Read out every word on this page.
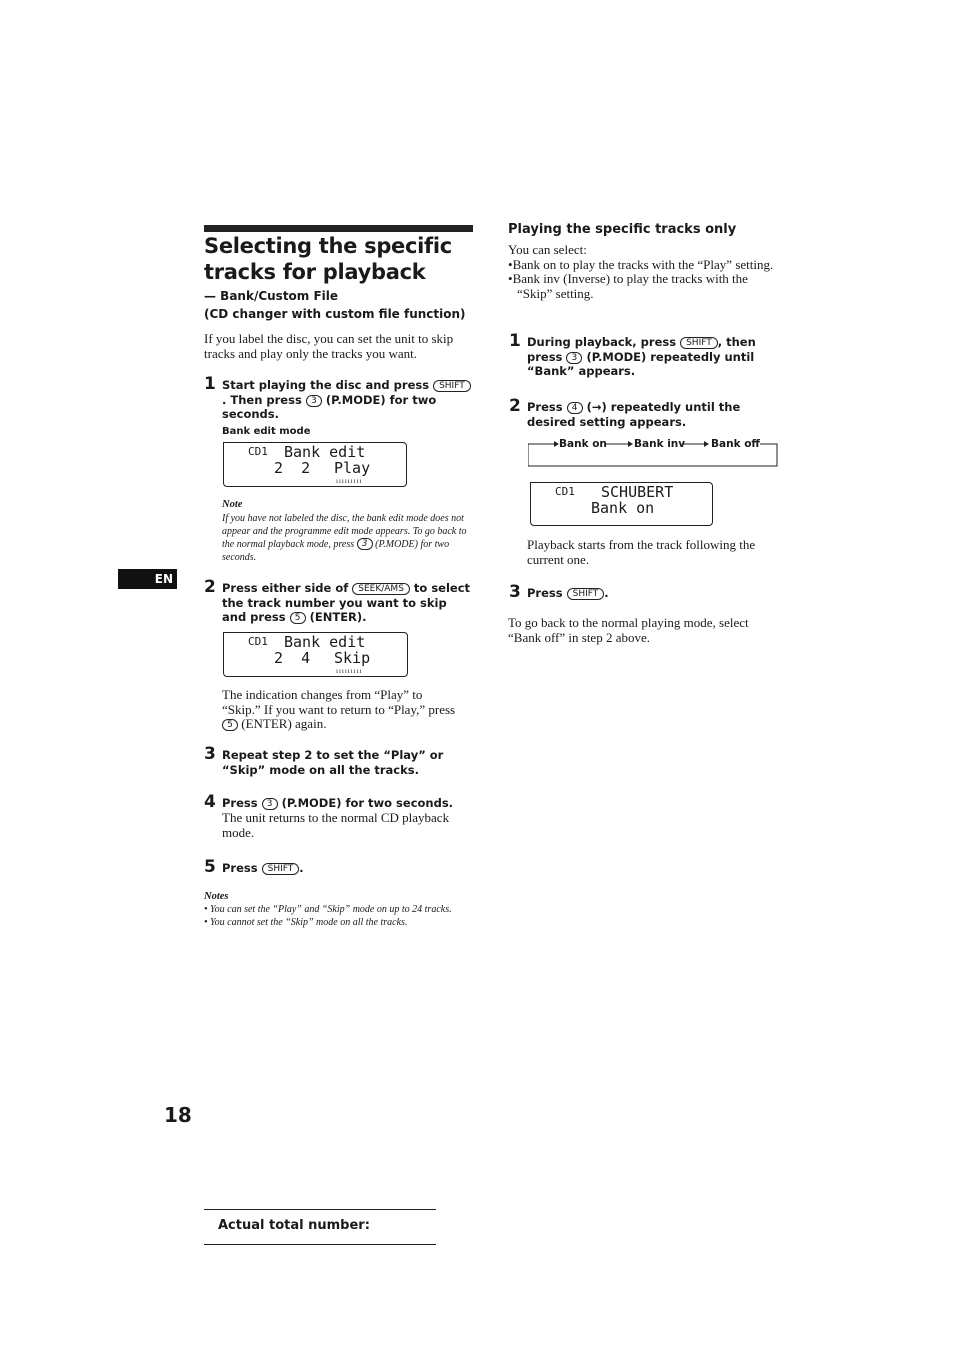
Selecting the specific
tracks for playback
— Bank/Custom File
(CD changer with custom file function)
If you label the disc, you can set the unit to skip tracks and play only the tracks you want.
1 Start playing the disc and press SHIFT. Then press 3 (P.MODE) for two seconds.
Bank edit mode
CD1 Bank edit
2  2 Play
ııııııııı
Note
If you have not labeled the disc, the bank edit mode does not appear and the programme edit mode appears. To go back to the normal playback mode, press 3 (P.MODE) for two seconds.
EN 2 Press either side of SEEK/AMS to select the track number you want to skip and press 5 (ENTER).
CD1 Bank edit
2  4 Skip
ııııııııı
The indication changes from “Play” to “Skip.” If you want to return to “Play,” press 5 (ENTER) again.
3 Repeat step 2 to set the “Play” or “Skip” mode on all the tracks.
4 Press 3 (P.MODE) for two seconds.
The unit returns to the normal CD playback mode.
5 Press SHIFT .
Notes
• You can set the “Play” and “Skip” mode on up to 24 tracks.
• You cannot set the “Skip” mode on all the tracks.
18
Playing the specific tracks only
You can select:
•Bank on to play the tracks with the “Play” setting.
•Bank inv (Inverse) to play the tracks with the “Skip” setting.
1 During playback, press SHIFT , then press 3 (P.MODE) repeatedly until “Bank” appears.
2 Press 4 (→) repeatedly until the desired setting appears.
Bank on	Bank inv Bank off
CD1 SCHUBERT
Bank on
Playback starts from the track following the current one.
3 Press SHIFT .
To go back to the normal playing mode, select “Bank off” in step 2 above.
Actual total number:
